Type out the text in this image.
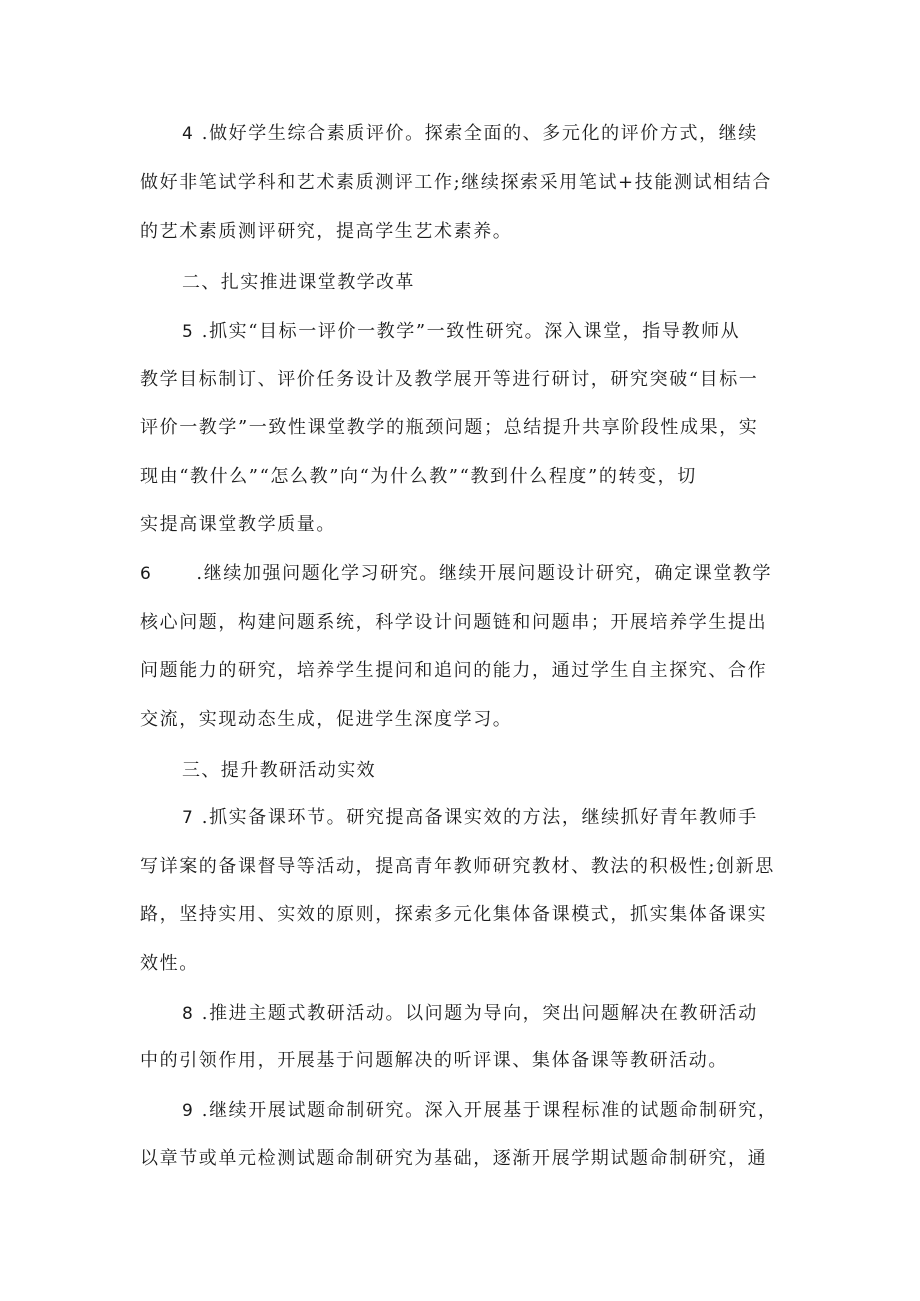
4 .做好学生综合素质评价。探索全面的、多元化的评价方式，继续
做好非笔试学科和艺术素质测评工作;继续探索采用笔试+技能测试相结合
的艺术素质测评研究，提高学生艺术素养。
二、扎实推进课堂教学改革
5 .抓实“目标一评价一教学”一致性研究。深入课堂，指导教师从
教学目标制订、评价任务设计及教学展开等进行研讨，研究突破“目标一
评价一教学”一致性课堂教学的瓶颈问题；总结提升共享阶段性成果，实
现由“教什么”“怎么教”向“为什么教”“教到什么程度”的转变，切
实提高课堂教学质量。
6 .继续加强问题化学习研究。继续开展问题设计研究，确定课堂教学
核心问题，构建问题系统，科学设计问题链和问题串；开展培养学生提出
问题能力的研究，培养学生提问和追问的能力，通过学生自主探究、合作
交流，实现动态生成，促进学生深度学习。
三、提升教研活动实效
7 .抓实备课环节。研究提高备课实效的方法，继续抓好青年教师手
写详案的备课督导等活动，提高青年教师研究教材、教法的积极性;创新思
路，坚持实用、实效的原则，探索多元化集体备课模式，抓实集体备课实
效性。
8 .推进主题式教研活动。以问题为导向，突出问题解决在教研活动
中的引领作用，开展基于问题解决的听评课、集体备课等教研活动。
9 .继续开展试题命制研究。深入开展基于课程标准的试题命制研究，
以章节或单元检测试题命制研究为基础，逐渐开展学期试题命制研究，通
